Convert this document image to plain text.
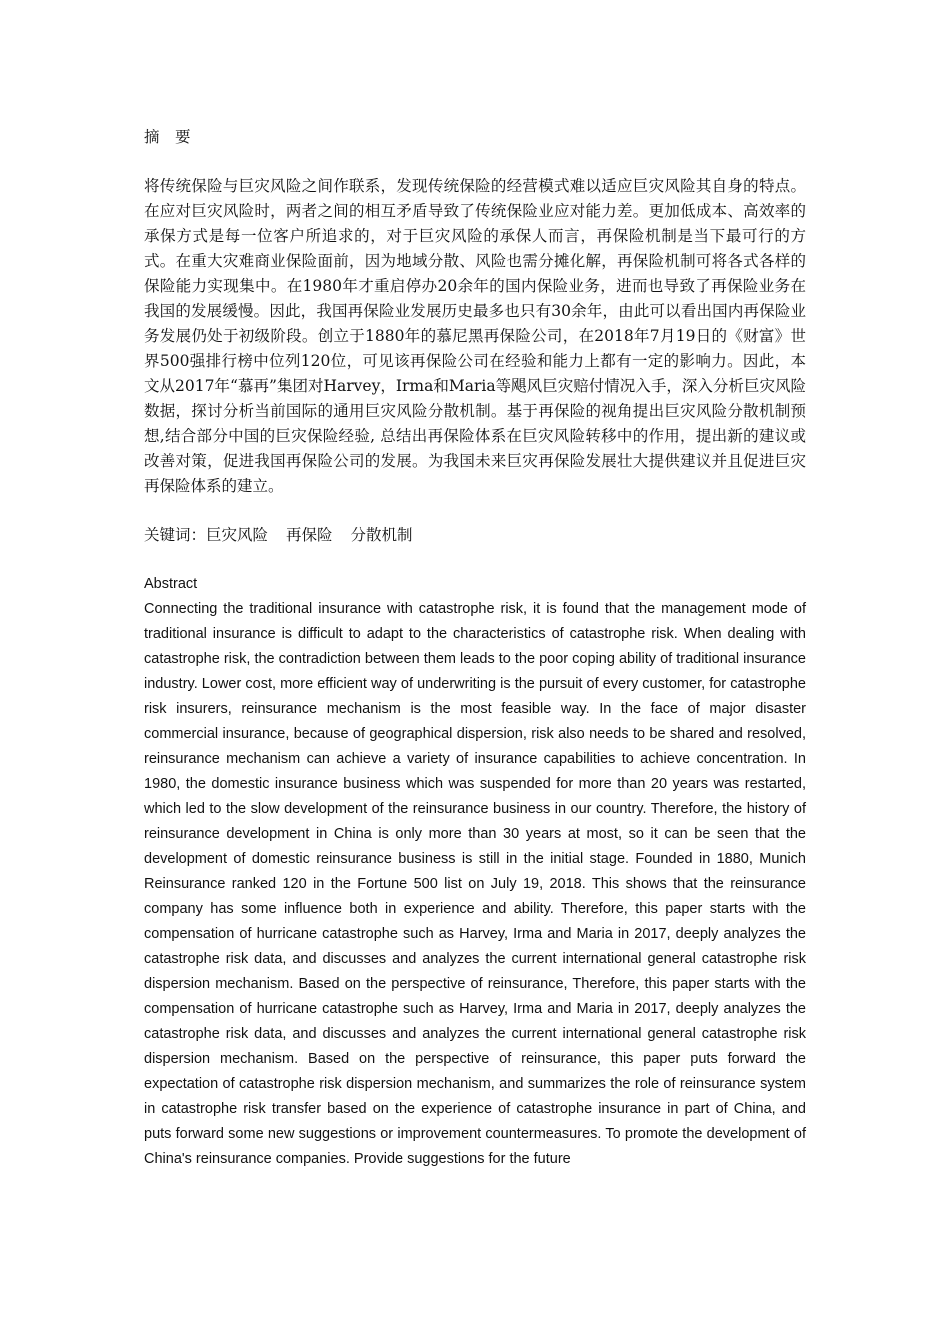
摘　要

将传统保险与巨灾风险之间作联系，发现传统保险的经营模式难以适应巨灾风险其自身的特点。在应对巨灾风险时，两者之间的相互矛盾导致了传统保险业应对能力差。更加低成本、高效率的承保方式是每一位客户所追求的，对于巨灾风险的承保人而言，再保险机制是当下最可行的方式。在重大灾难商业保险面前，因为地域分散、风险也需分摊化解，再保险机制可将各式各样的保险能力实现集中。在1980年才重启停办20余年的国内保险业务，进而也导致了再保险业务在我国的发展缓慢。因此，我国再保险业发展历史最多也只有30余年，由此可以看出国内再保险业务发展仍处于初级阶段。创立于1880年的慕尼黑再保险公司，在2018年7月19日的《财富》世界500强排行榜中位列120位，可见该再保险公司在经验和能力上都有一定的影响力。因此，本文从2017年“慕再”集团对Harvey，Irma和Maria等飓风巨灾赔付情况入手，深入分析巨灾风险数据，探讨分析当前国际的通用巨灾风险分散机制。基于再保险的视角提出巨灾风险分散机制预想,结合部分中国的巨灾保险经验, 总结出再保险体系在巨灾风险转移中的作用，提出新的建议或改善对策，促进我国再保险公司的发展。为我国未来巨灾再保险发展壮大提供建议并且促进巨灾再保险体系的建立。

关键词：巨灾风险 再保险 分散机制
Abstract

Connecting the traditional insurance with catastrophe risk, it is found that the management mode of traditional insurance is difficult to adapt to the characteristics of catastrophe risk. When dealing with catastrophe risk, the contradiction between them leads to the poor coping ability of traditional insurance industry. Lower cost, more efficient way of underwriting is the pursuit of every customer, for catastrophe risk insurers, reinsurance mechanism is the most feasible way. In the face of major disaster commercial insurance, because of geographical dispersion, risk also needs to be shared and resolved, reinsurance mechanism can achieve a variety of insurance capabilities to achieve concentration. In 1980, the domestic insurance business which was suspended for more than 20 years was restarted, which led to the slow development of the reinsurance business in our country. Therefore, the history of reinsurance development in China is only more than 30 years at most, so it can be seen that the development of domestic reinsurance business is still in the initial stage. Founded in 1880, Munich Reinsurance ranked 120 in the Fortune 500 list on July 19, 2018. This shows that the reinsurance company has some influence both in experience and ability. Therefore, this paper starts with the compensation of hurricane catastrophe such as Harvey, Irma and Maria in 2017, deeply analyzes the catastrophe risk data, and discusses and analyzes the current international general catastrophe risk dispersion mechanism. Based on the perspective of reinsurance, Therefore, this paper starts with the compensation of hurricane catastrophe such as Harvey, Irma and Maria in 2017, deeply analyzes the catastrophe risk data, and discusses and analyzes the current international general catastrophe risk dispersion mechanism. Based on the perspective of reinsurance, this paper puts forward the expectation of catastrophe risk dispersion mechanism, and summarizes the role of reinsurance system in catastrophe risk transfer based on the experience of catastrophe insurance in part of China, and puts forward some new suggestions or improvement countermeasures. To promote the development of China's reinsurance companies. Provide suggestions for the future
